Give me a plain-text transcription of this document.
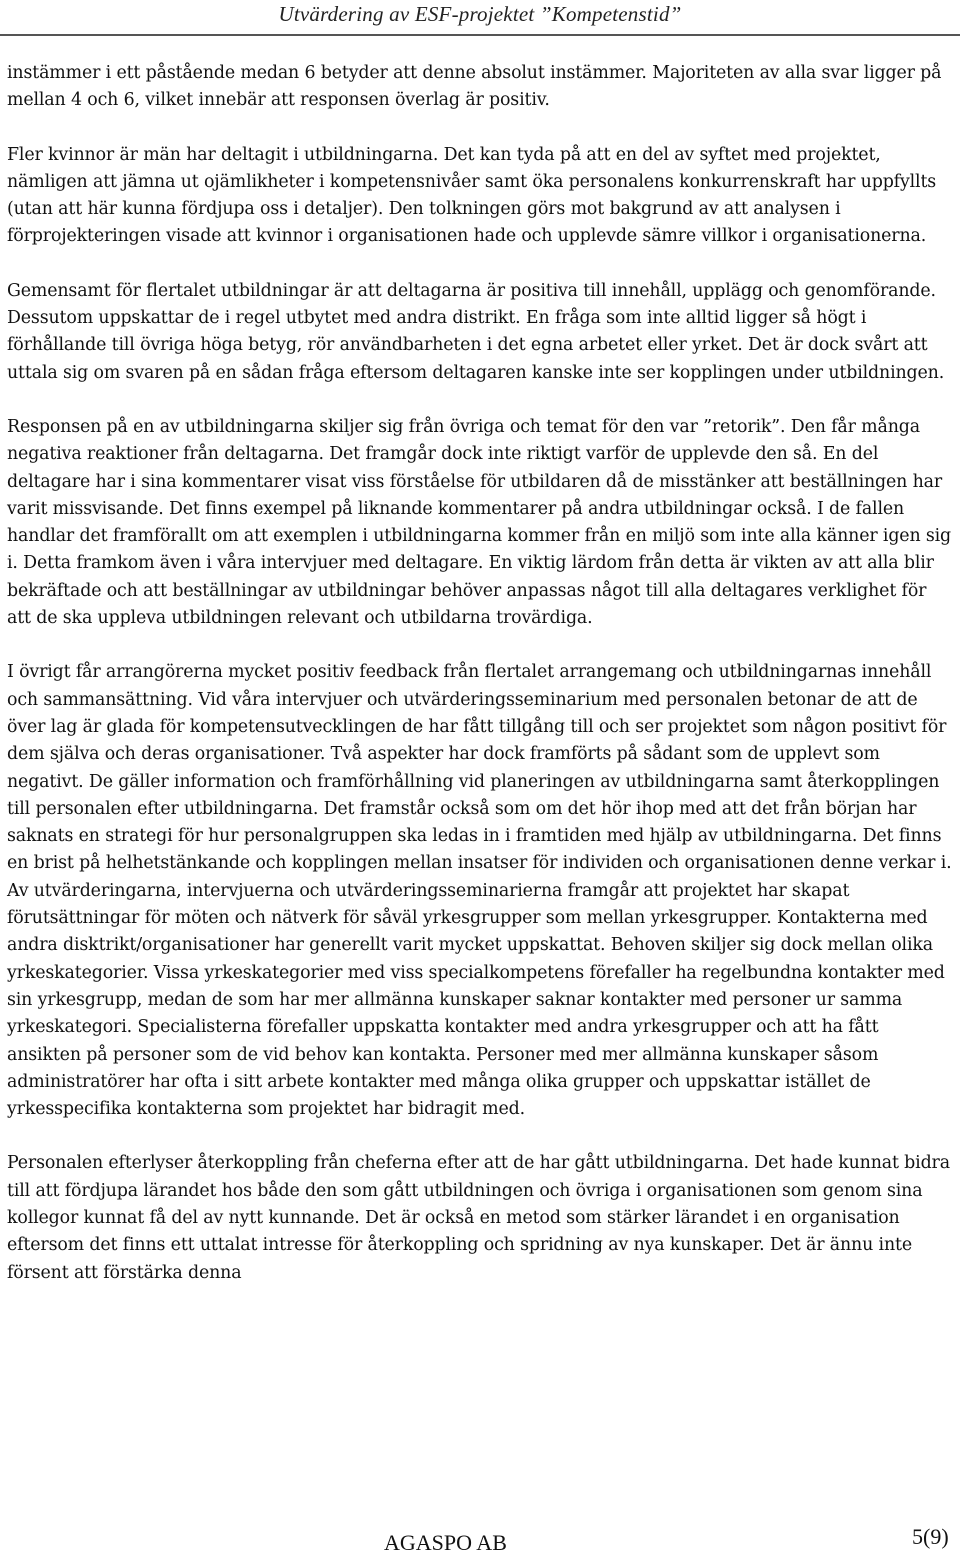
Utvärdering av ESF-projektet ”Kompetenstid”

instämmer i ett påstående medan 6 betyder att denne absolut instämmer. Majoriteten av alla svar ligger på mellan 4 och 6, vilket innebär att responsen överlag är positiv.

Fler kvinnor är män har deltagit i utbildningarna. Det kan tyda på att en del av syftet med projektet, nämligen att jämna ut ojämlikheter i kompetensnivåer samt öka personalens konkurrenskraft har uppfyllts (utan att här kunna fördjupa oss i detaljer). Den tolkningen görs mot bakgrund av att analysen i förprojekteringen visade att kvinnor i organisationen hade och upplevde sämre villkor i organisationerna.

Gemensamt för flertalet utbildningar är att deltagarna är positiva till innehåll, upplägg och genomförande. Dessutom uppskattar de i regel utbytet med andra distrikt. En fråga som inte alltid ligger så högt i förhållande till övriga höga betyg, rör användbarheten i det egna arbetet eller yrket. Det är dock svårt att uttala sig om svaren på en sådan fråga eftersom deltagaren kanske inte ser kopplingen under utbildningen.

Responsen på en av utbildningarna skiljer sig från övriga och temat för den var ”retorik”. Den får många negativa reaktioner från deltagarna. Det framgår dock inte riktigt varför de upplevde den så. En del deltagare har i sina kommentarer visat viss förståelse för utbildaren då de misstänker att beställningen har varit missvisande. Det finns exempel på liknande kommentarer på andra utbildningar också. I de fallen handlar det framförallt om att exemplen i utbildningarna kommer från en miljö som inte alla känner igen sig i. Detta framkom även i våra intervjuer med deltagare. En viktig lärdom från detta är vikten av att alla blir bekräftade och att beställningar av utbildningar behöver anpassas något till alla deltagares verklighet för att de ska uppleva utbildningen relevant och utbildarna trovärdiga.

I övrigt får arrangörerna mycket positiv feedback från flertalet arrangemang och utbildningarnas innehåll och sammansättning. Vid våra intervjuer och utvärderingsseminarium med personalen betonar de att de över lag är glada för kompetensutvecklingen de har fått tillgång till och ser projektet som någon positivt för dem själva och deras organisationer. Två aspekter har dock framförts på sådant som de upplevt som negativt. De gäller information och framförhållning vid planeringen av utbildningarna samt återkopplingen till personalen efter utbildningarna. Det framstår också som om det hör ihop med att det från början har saknats en strategi för hur personalgruppen ska ledas in i framtiden med hjälp av utbildningarna. Det finns en brist på helhetstänkande och kopplingen mellan insatser för individen och organisationen denne verkar i.

Av utvärderingarna, intervjuerna och utvärderingsseminarierna framgår att projektet har skapat förutsättningar för möten och nätverk för såväl yrkesgrupper som mellan yrkesgrupper. Kontakterna med andra disktrikt/organisationer har generellt varit mycket uppskattat. Behoven skiljer sig dock mellan olika yrkeskategorier. Vissa yrkeskategorier med viss specialkompetens förefaller ha regelbundna kontakter med sin yrkesgrupp, medan de som har mer allmänna kunskaper saknar kontakter med personer ur samma yrkeskategori. Specialisterna förefaller uppskatta kontakter med andra yrkesgrupper och att ha fått ansikten på personer som de vid behov kan kontakta. Personer med mer allmänna kunskaper såsom administratörer har ofta i sitt arbete kontakter med många olika grupper och uppskattar istället de yrkesspecifika kontakterna som projektet har bidragit med.

Personalen efterlyser återkoppling från cheferna efter att de har gått utbildningarna. Det hade kunnat bidra till att fördjupa lärandet hos både den som gått utbildningen och övriga i organisationen som genom sina kollegor kunnat få del av nytt kunnande. Det är också en metod som stärker lärandet i en organisation eftersom det finns ett uttalat intresse för återkoppling och spridning av nya kunskaper. Det är ännu inte försent att förstärka denna

AGASPO AB	5(9)
